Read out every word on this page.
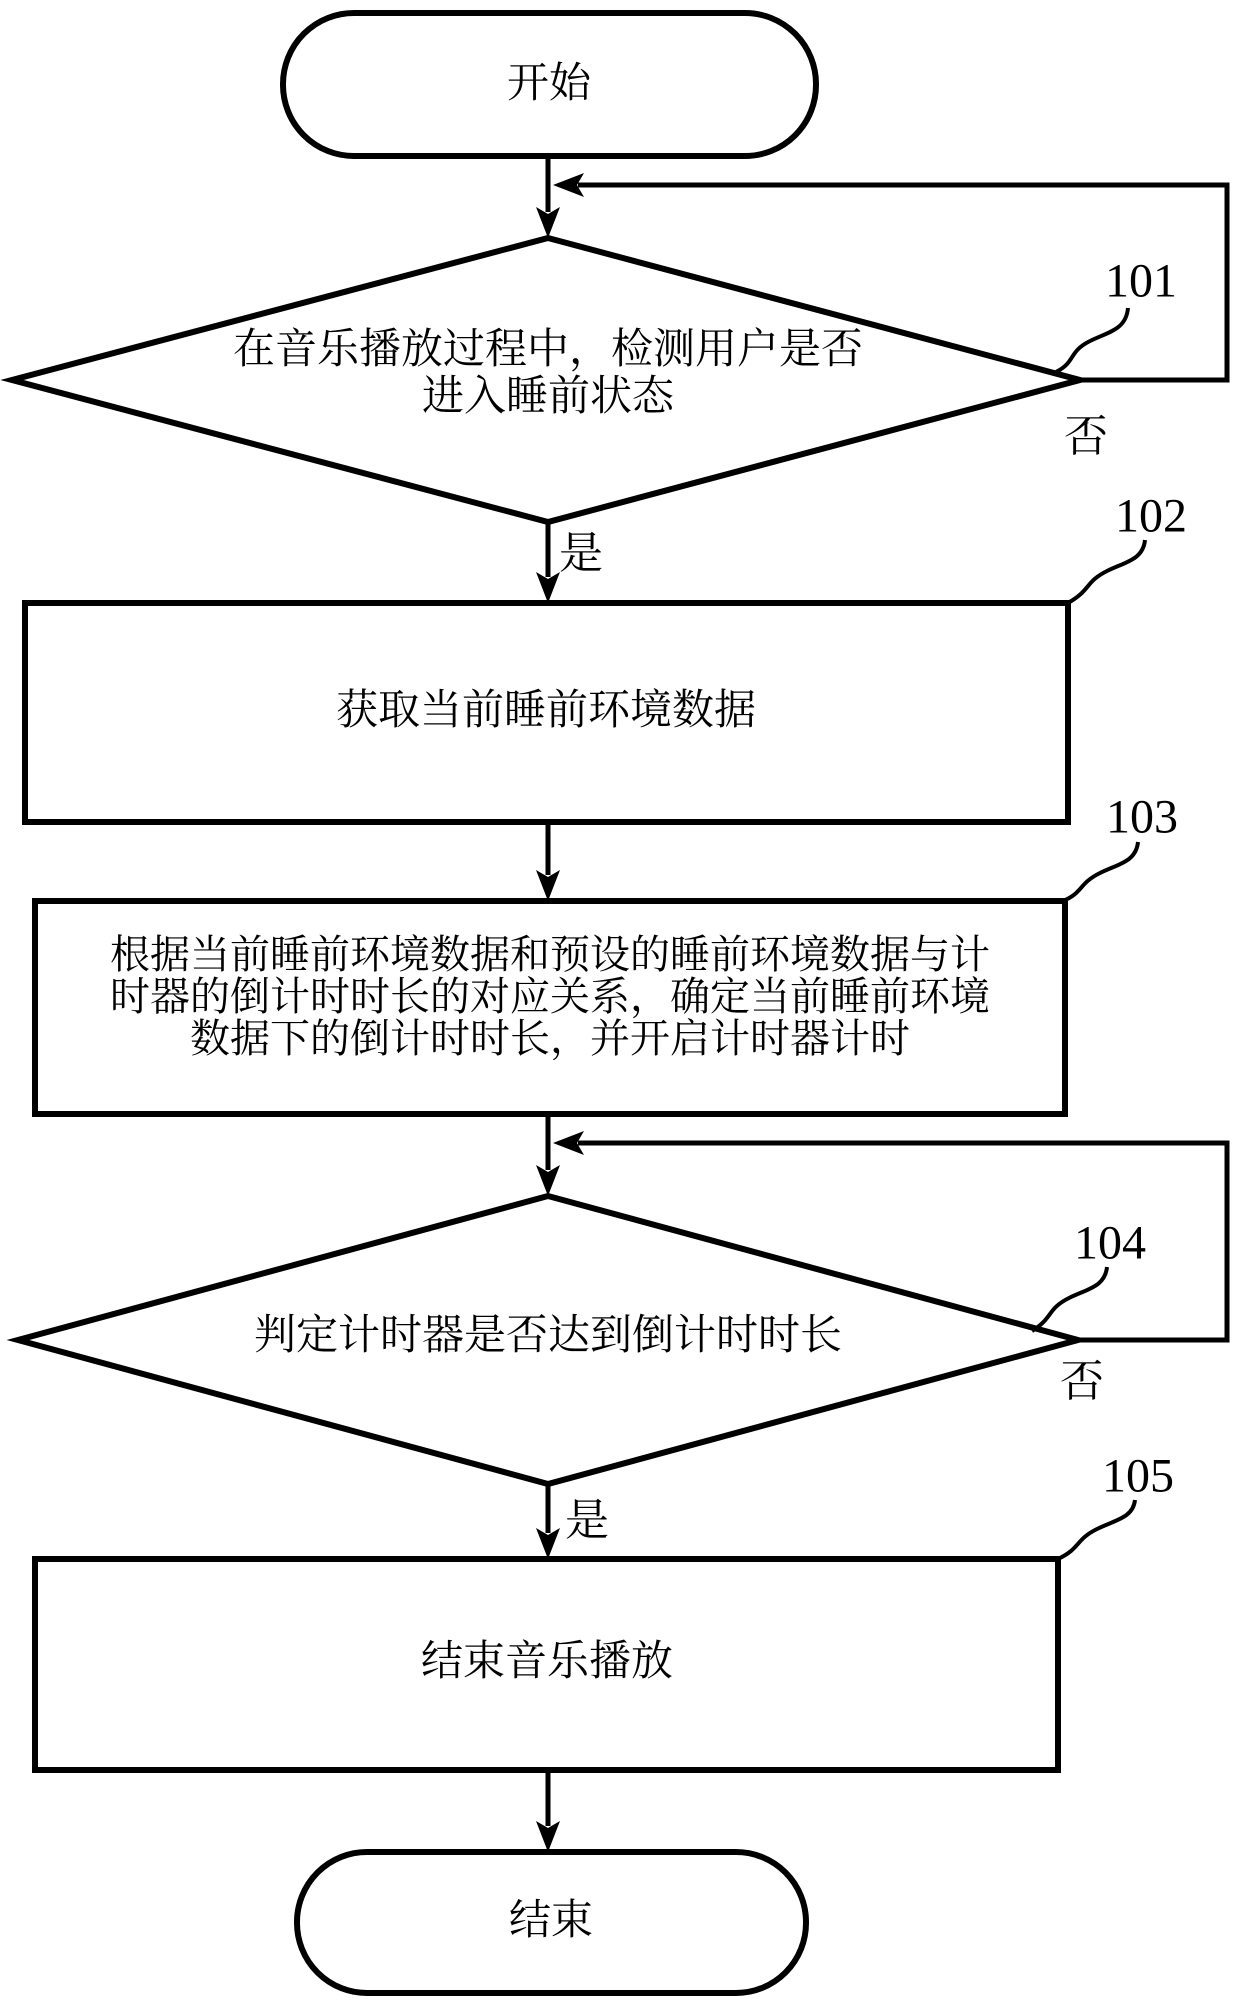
开始
在音乐播放过程中，检测用户是否
进入睡前状态
101
否
是
获取当前睡前环境数据
102
根据当前睡前环境数据和预设的睡前环境数据与计
时器的倒计时时长的对应关系，确定当前睡前环境
数据下的倒计时时长，并开启计时器计时
103
判定计时器是否达到倒计时时长
104
否
是
结束音乐播放
105
结束
